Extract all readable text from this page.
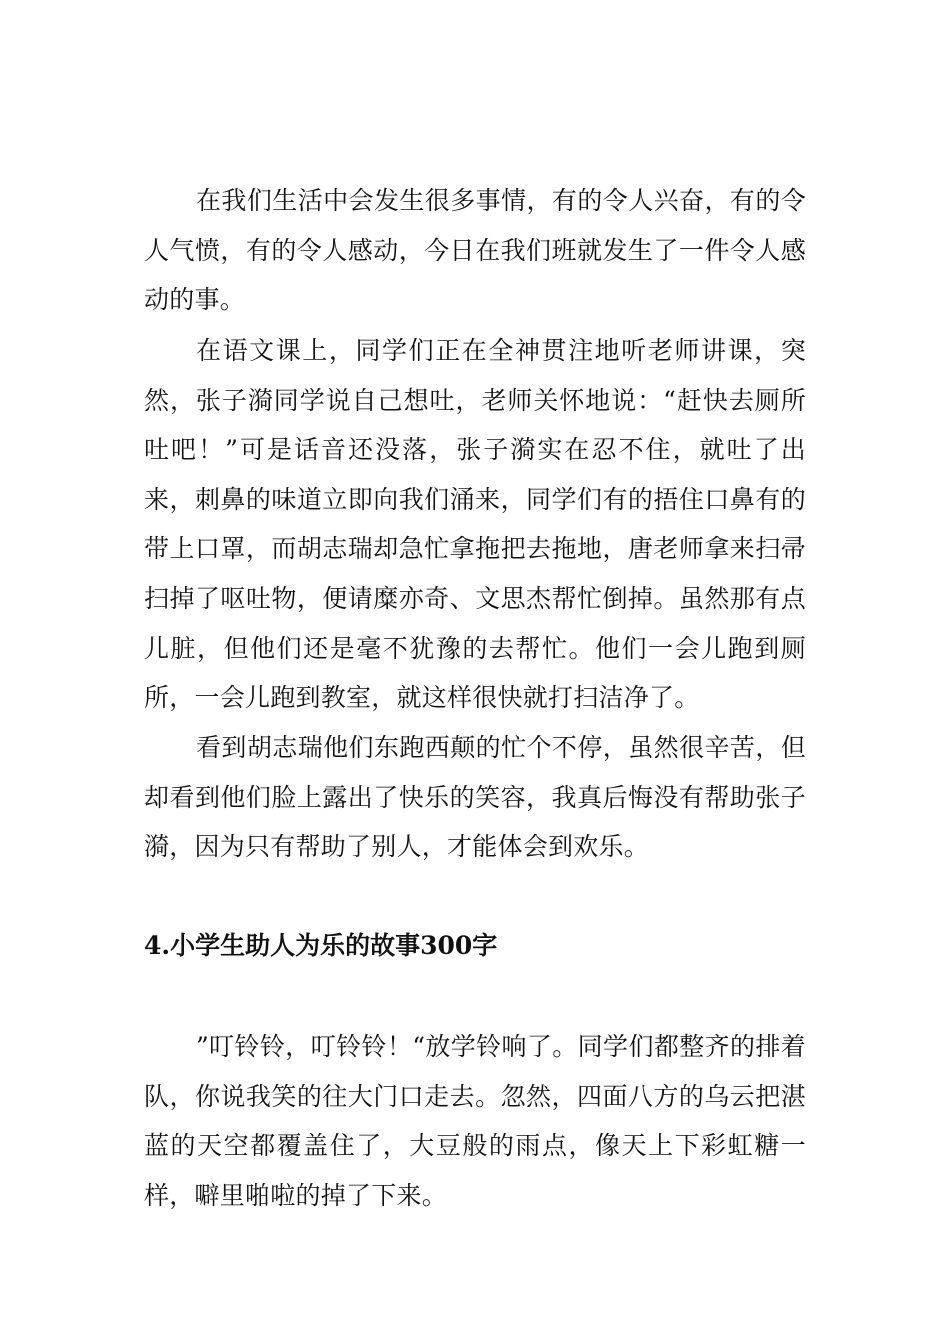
在我们生活中会发生很多事情，有的令人兴奋，有的令人气愤，有的令人感动，今日在我们班就发生了一件令人感动的事。

在语文课上，同学们正在全神贯注地听老师讲课，突然，张子漪同学说自己想吐，老师关怀地说：“赶快去厕所吐吧！”可是话音还没落，张子漪实在忍不住，就吐了出来，刺鼻的味道立即向我们涌来，同学们有的捂住口鼻有的带上口罩，而胡志瑞却急忙拿拖把去拖地，唐老师拿来扫帚扫掉了呕吐物，便请糜亦奇、文思杰帮忙倒掉。虽然那有点儿脏，但他们还是毫不犹豫的去帮忙。他们一会儿跑到厕所，一会儿跑到教室，就这样很快就打扫洁净了。

看到胡志瑞他们东跑西颠的忙个不停，虽然很辛苦，但却看到他们脸上露出了快乐的笑容，我真后悔没有帮助张子漪，因为只有帮助了别人，才能体会到欢乐。

4.小学生助人为乐的故事300字

”叮铃铃，叮铃铃！“放学铃响了。同学们都整齐的排着队，你说我笑的往大门口走去。忽然，四面八方的乌云把湛蓝的天空都覆盖住了，大豆般的雨点，像天上下彩虹糖一样，噼里啪啦的掉了下来。
